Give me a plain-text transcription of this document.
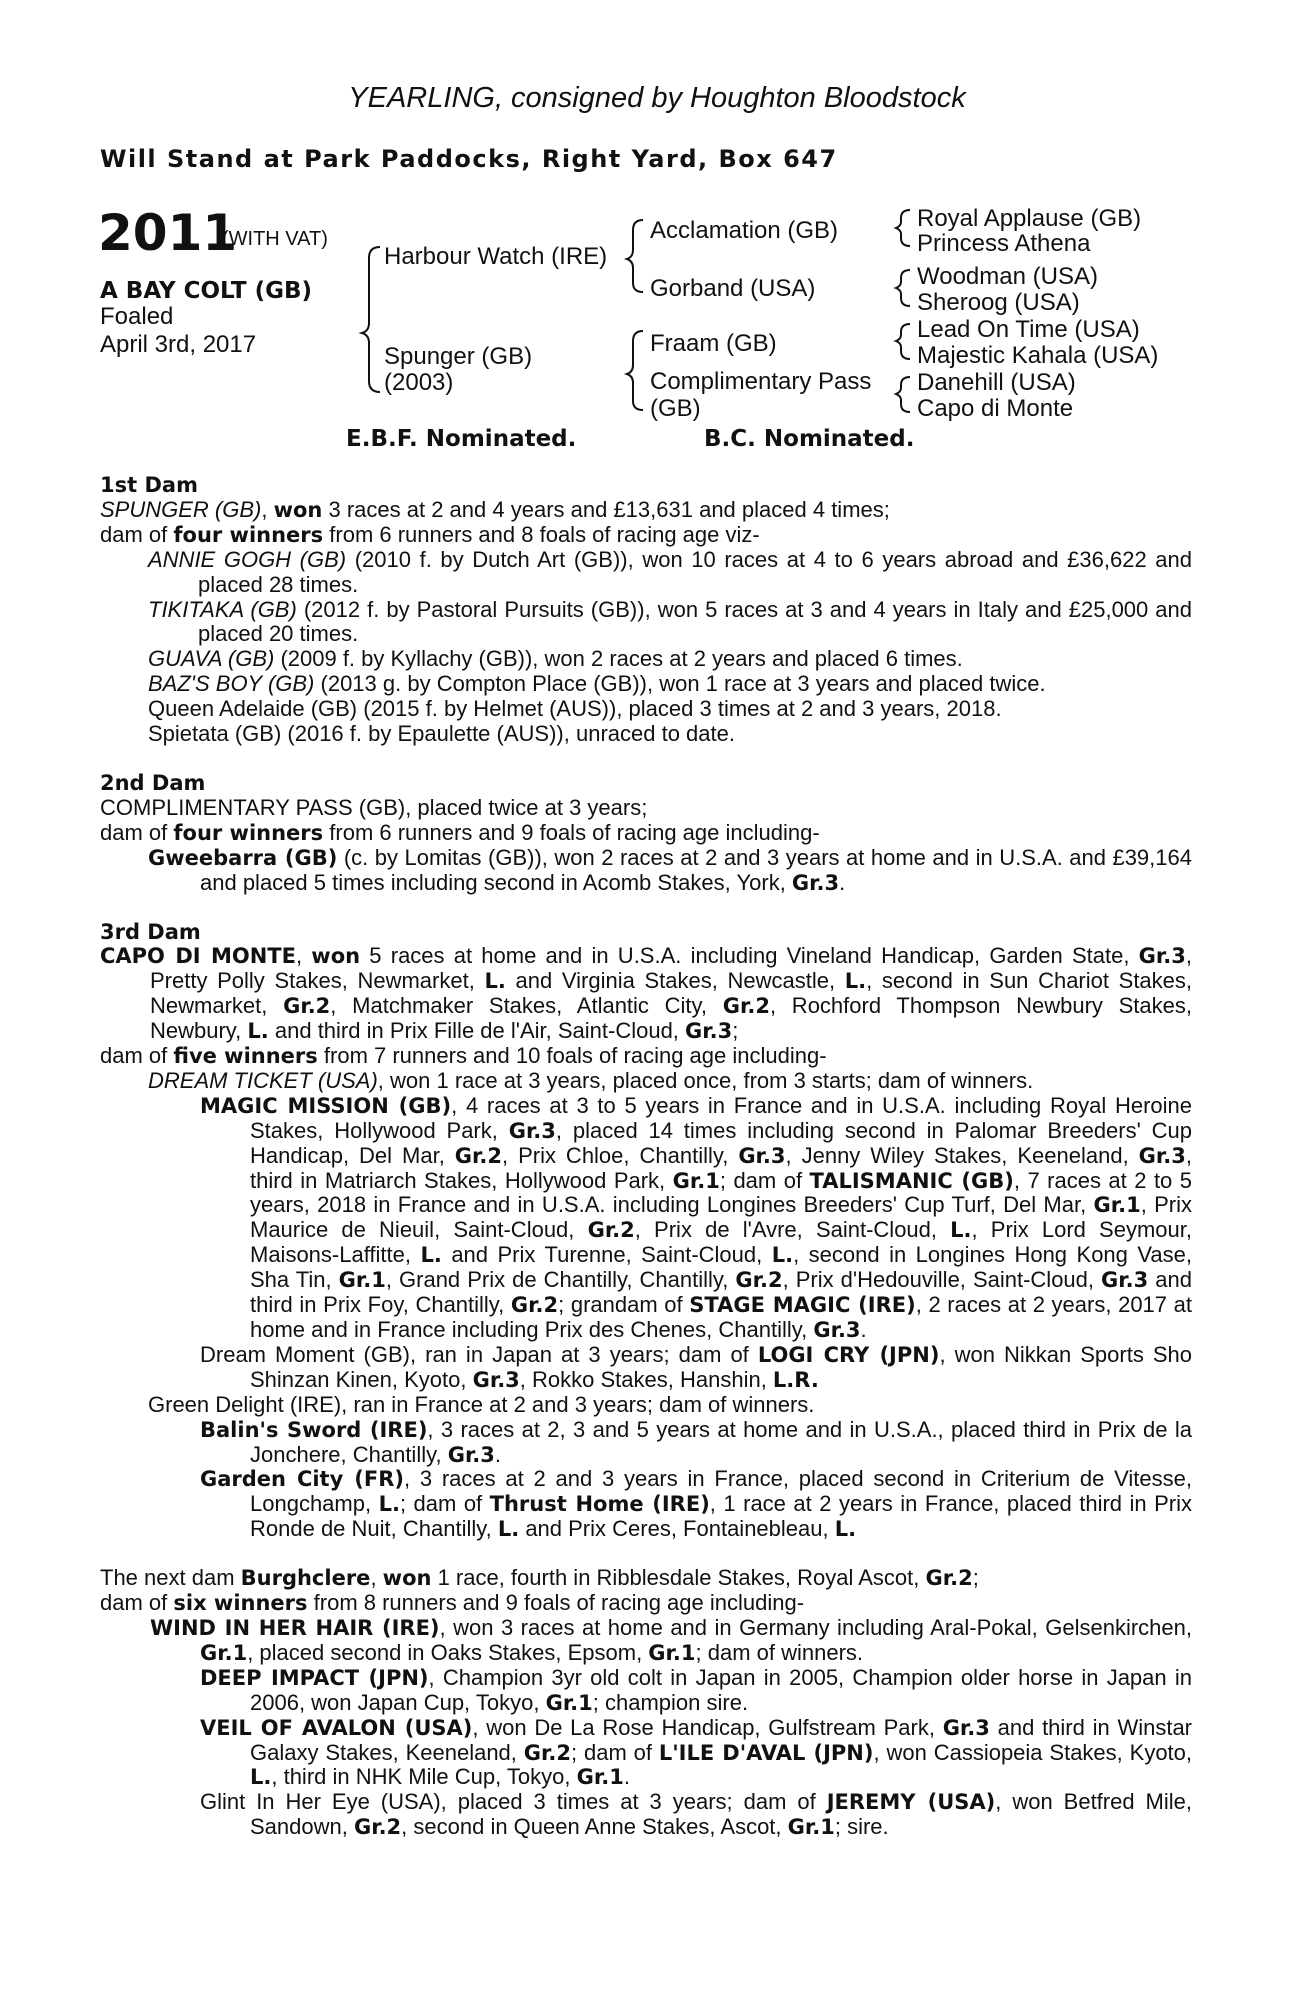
YEARLING, consigned by Houghton Bloodstock
Will Stand at Park Paddocks, Right Yard, Box 647
2011
(WITH VAT)
A BAY COLT (GB)
Foaled
April 3rd, 2017
Harbour Watch (IRE)
Spunger (GB)
(2003)
Acclamation (GB)
Gorband (USA)
Fraam (GB)
Complimentary Pass
(GB)
Royal Applause (GB)
Princess Athena
Woodman (USA)
Sheroog (USA)
Lead On Time (USA)
Majestic Kahala (USA)
Danehill (USA)
Capo di Monte
E.B.F. Nominated.	B.C. Nominated.
1st Dam
SPUNGER (GB), won 3 races at 2 and 4 years and £13,631 and placed 4 times;
dam of four winners from 6 runners and 8 foals of racing age viz-
ANNIE GOGH (GB) (2010 f. by Dutch Art (GB)), won 10 races at 4 to 6 years abroad and £36,622 and placed 28 times.
TIKITAKA (GB) (2012 f. by Pastoral Pursuits (GB)), won 5 races at 3 and 4 years in Italy and £25,000 and placed 20 times.
GUAVA (GB) (2009 f. by Kyllachy (GB)), won 2 races at 2 years and placed 6 times.
BAZ'S BOY (GB) (2013 g. by Compton Place (GB)), won 1 race at 3 years and placed twice.
Queen Adelaide (GB) (2015 f. by Helmet (AUS)), placed 3 times at 2 and 3 years, 2018.
Spietata (GB) (2016 f. by Epaulette (AUS)), unraced to date.
2nd Dam
COMPLIMENTARY PASS (GB), placed twice at 3 years;
dam of four winners from 6 runners and 9 foals of racing age including-
Gweebarra (GB) (c. by Lomitas (GB)), won 2 races at 2 and 3 years at home and in U.S.A. and £39,164 and placed 5 times including second in Acomb Stakes, York, Gr.3.
3rd Dam
CAPO DI MONTE, won 5 races at home and in U.S.A. including Vineland Handicap, Garden State, Gr.3, Pretty Polly Stakes, Newmarket, L. and Virginia Stakes, Newcastle, L., second in Sun Chariot Stakes, Newmarket, Gr.2, Matchmaker Stakes, Atlantic City, Gr.2, Rochford Thompson Newbury Stakes, Newbury, L. and third in Prix Fille de l'Air, Saint-Cloud, Gr.3;
dam of five winners from 7 runners and 10 foals of racing age including-
DREAM TICKET (USA), won 1 race at 3 years, placed once, from 3 starts; dam of winners.
MAGIC MISSION (GB), 4 races at 3 to 5 years in France and in U.S.A. including Royal Heroine Stakes, Hollywood Park, Gr.3, placed 14 times including second in Palomar Breeders' Cup Handicap, Del Mar, Gr.2, Prix Chloe, Chantilly, Gr.3, Jenny Wiley Stakes, Keeneland, Gr.3, third in Matriarch Stakes, Hollywood Park, Gr.1; dam of TALISMANIC (GB), 7 races at 2 to 5 years, 2018 in France and in U.S.A. including Longines Breeders' Cup Turf, Del Mar, Gr.1, Prix Maurice de Nieuil, Saint-Cloud, Gr.2, Prix de l'Avre, Saint-Cloud, L., Prix Lord Seymour, Maisons-Laffitte, L. and Prix Turenne, Saint-Cloud, L., second in Longines Hong Kong Vase, Sha Tin, Gr.1, Grand Prix de Chantilly, Chantilly, Gr.2, Prix d'Hedouville, Saint-Cloud, Gr.3 and third in Prix Foy, Chantilly, Gr.2; grandam of STAGE MAGIC (IRE), 2 races at 2 years, 2017 at home and in France including Prix des Chenes, Chantilly, Gr.3.
Dream Moment (GB), ran in Japan at 3 years; dam of LOGI CRY (JPN), won Nikkan Sports Sho Shinzan Kinen, Kyoto, Gr.3, Rokko Stakes, Hanshin, L.R.
Green Delight (IRE), ran in France at 2 and 3 years; dam of winners.
Balin's Sword (IRE), 3 races at 2, 3 and 5 years at home and in U.S.A., placed third in Prix de la Jonchere, Chantilly, Gr.3.
Garden City (FR), 3 races at 2 and 3 years in France, placed second in Criterium de Vitesse, Longchamp, L.; dam of Thrust Home (IRE), 1 race at 2 years in France, placed third in Prix Ronde de Nuit, Chantilly, L. and Prix Ceres, Fontainebleau, L.
The next dam Burghclere, won 1 race, fourth in Ribblesdale Stakes, Royal Ascot, Gr.2;
dam of six winners from 8 runners and 9 foals of racing age including-
WIND IN HER HAIR (IRE), won 3 races at home and in Germany including Aral-Pokal, Gelsenkirchen, Gr.1, placed second in Oaks Stakes, Epsom, Gr.1; dam of winners.
DEEP IMPACT (JPN), Champion 3yr old colt in Japan in 2005, Champion older horse in Japan in 2006, won Japan Cup, Tokyo, Gr.1; champion sire.
VEIL OF AVALON (USA), won De La Rose Handicap, Gulfstream Park, Gr.3 and third in Winstar Galaxy Stakes, Keeneland, Gr.2; dam of L'ILE D'AVAL (JPN), won Cassiopeia Stakes, Kyoto, L., third in NHK Mile Cup, Tokyo, Gr.1.
Glint In Her Eye (USA), placed 3 times at 3 years; dam of JEREMY (USA), won Betfred Mile, Sandown, Gr.2, second in Queen Anne Stakes, Ascot, Gr.1; sire.
